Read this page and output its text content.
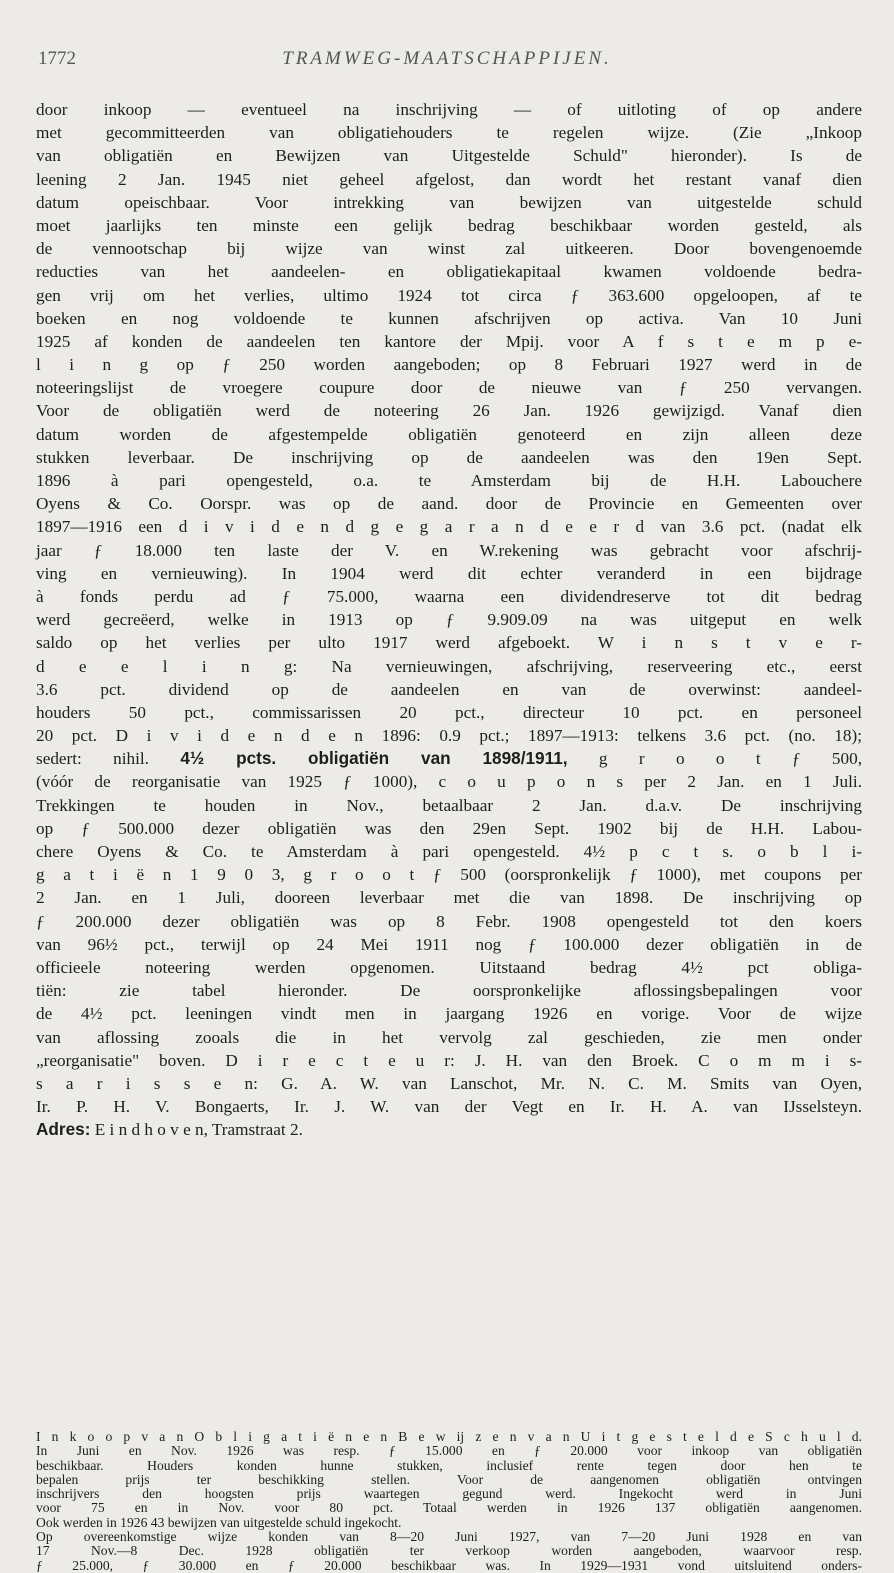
1772	TRAMWEG-MAATSCHAPPIJEN.
door inkoop — eventueel na inschrijving — of uitloting of op andere
met gecommitteerden van obligatiehouders te regelen wijze. (Zie „Inkoop
van obligatiën en Bewijzen van Uitgestelde Schuld" hieronder). Is de
leening 2 Jan. 1945 niet geheel afgelost, dan wordt het restant vanaf dien
datum opeischbaar. Voor intrekking van bewijzen van uitgestelde schuld
moet jaarlijks ten minste een gelijk bedrag beschikbaar worden gesteld, als
de vennootschap bij wijze van winst zal uitkeeren. Door bovengenoemde
reducties van het aandeelen- en obligatiekapitaal kwamen voldoende bedra-
gen vrij om het verlies, ultimo 1924 tot circa ƒ 363.600 opgeloopen, af te
boeken en nog voldoende te kunnen afschrijven op activa. Van 10 Juni
1925 af konden de aandeelen ten kantore der Mpij. voor A f s t e m p e-
l i n g op ƒ 250 worden aangeboden; op 8 Februari 1927 werd in de
noteeringslijst de vroegere coupure door de nieuwe van ƒ 250 vervangen.
Voor de obligatiën werd de noteering 26 Jan. 1926 gewijzigd. Vanaf dien
datum worden de afgestempelde obligatiën genoteerd en zijn alleen deze
stukken leverbaar. De inschrijving op de aandeelen was den 19en Sept.
1896 à pari opengesteld, o.a. te Amsterdam bij de H.H. Labouchere
Oyens & Co. Oorspr. was op de aand. door de Provincie en Gemeenten over
1897—1916 een d i v i d e n d g e g a r a n d e e r d van 3.6 pct. (nadat elk
jaar ƒ 18.000 ten laste der V. en W.rekening was gebracht voor afschrij-
ving en vernieuwing). In 1904 werd dit echter veranderd in een bijdrage
à fonds perdu ad ƒ 75.000, waarna een dividendreserve tot dit bedrag
werd gecreëerd, welke in 1913 op ƒ 9.909.09 na was uitgeput en welk
saldo op het verlies per ulto 1917 werd afgeboekt. W i n s t v e r-
d e e l i n g: Na vernieuwingen, afschrijving, reserveering etc., eerst
3.6 pct. dividend op de aandeelen en van de overwinst: aandeel-
houders 50 pct., commissarissen 20 pct., directeur 10 pct. en personeel
20 pct. D i v i d e n d e n 1896: 0.9 pct.; 1897—1913: telkens 3.6 pct. (no. 18);
sedert: nihil. 4½ pcts. obligatiën van 1898/1911, g r o o t ƒ 500,
(vóór de reorganisatie van 1925 ƒ 1000), c o u p o n s per 2 Jan. en 1 Juli.
Trekkingen te houden in Nov., betaalbaar 2 Jan. d.a.v. De inschrijving
op ƒ 500.000 dezer obligatiën was den 29en Sept. 1902 bij de H.H. Labou-
chere Oyens & Co. te Amsterdam à pari opengesteld. 4½ p c t s. o b l i-
g a t i ë n 1 9 0 3, g r o o t ƒ 500 (oorspronkelijk ƒ 1000), met coupons per
2 Jan. en 1 Juli, dooreen leverbaar met die van 1898. De inschrijving op
ƒ 200.000 dezer obligatiën was op 8 Febr. 1908 opengesteld tot den koers
van 96½ pct., terwijl op 24 Mei 1911 nog ƒ 100.000 dezer obligatiën in de
officieele noteering werden opgenomen. Uitstaand bedrag 4½ pct obliga-
tiën: zie tabel hieronder. De oorspronkelijke aflossingsbepalingen voor
de 4½ pct. leeningen vindt men in jaargang 1926 en vorige. Voor de wijze
van aflossing zooals die in het vervolg zal geschieden, zie men onder
„reorganisatie" boven. D i r e c t e u r: J. H. van den Broek. C o m m i s-
s a r i s s e n: G. A. W. van Lanschot, Mr. N. C. M. Smits van Oyen,
Ir. P. H. V. Bongaerts, Ir. J. W. van der Vegt en Ir. H. A. van IJsselsteyn.
Adres: E i n d h o v e n, Tramstraat 2.
I n k o o p v a n O b l i g a t i ë n e n B e w ij z e n v a n U i t g e s t e l d e S c h u l d.
In Juni en Nov. 1926 was resp. ƒ 15.000 en ƒ 20.000 voor inkoop van obligatiën
beschikbaar. Houders konden hunne stukken, inclusief rente tegen door hen te
bepalen prijs ter beschikking stellen. Voor de aangenomen obligatiën ontvingen
inschrijvers den hoogsten prijs waartegen gegund werd. Ingekocht werd in Juni
voor 75 en in Nov. voor 80 pct. Totaal werden in 1926 137 obligatiën aangenomen.
Ook werden in 1926 43 bewijzen van uitgestelde schuld ingekocht.
Op overeenkomstige wijze konden van 8—20 Juni 1927, van 7—20 Juni 1928 en van
17 Nov.—8 Dec. 1928 obligatiën ter verkoop worden aangeboden, waarvoor resp.
ƒ 25.000, ƒ 30.000 en ƒ 20.000 beschikbaar was. In 1929—1931 vond uitsluitend onders-
